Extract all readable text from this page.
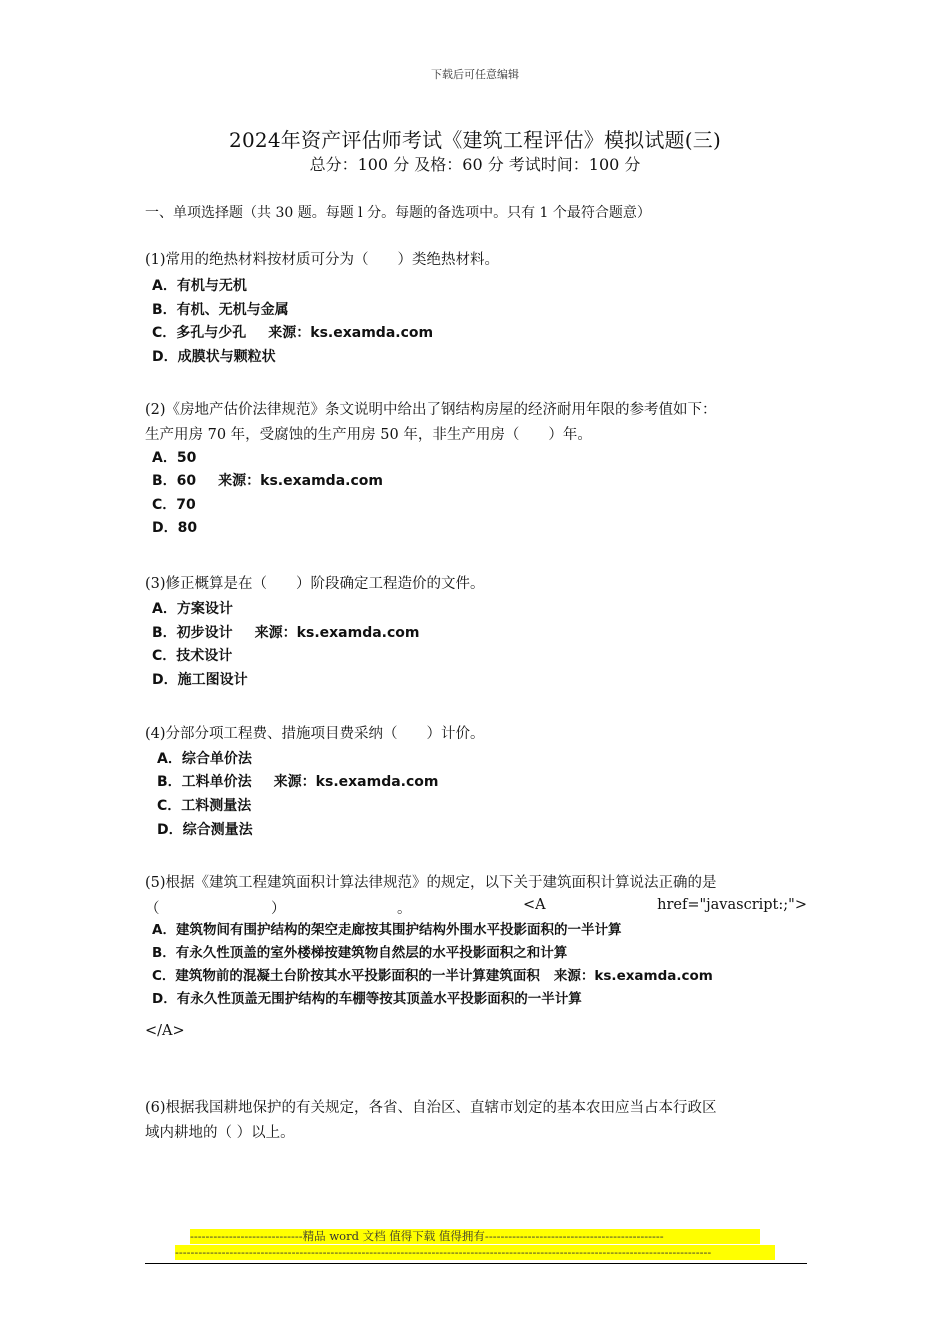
下载后可任意编辑
2024年资产评估师考试《建筑工程评估》模拟试题(三)
总分：100 分 及格：60 分 考试时间：100 分
一、单项选择题（共 30 题。每题 l 分。每题的备选项中。只有 1 个最符合题意）
(1)常用的绝热材料按材质可分为（　　）类绝热材料。
A．有机与无机
B．有机、无机与金属
C．多孔与少孔 来源：ks.examda.com
D．成膜状与颗粒状
(2)《房地产估价法律规范》条文说明中给出了钢结构房屋的经济耐用年限的参考值如下：
生产用房 70 年，受腐蚀的生产用房 50 年，非生产用房（　　）年。
A．50
B．60 来源：ks.examda.com
C．70
D．80
(3)修正概算是在（　　）阶段确定工程造价的文件。
A．方案设计
B．初步设计 来源：ks.examda.com
C．技术设计
D．施工图设计
(4)分部分项工程费、措施项目费采纳（　　）计价。
A．综合单价法
B．工料单价法 来源：ks.examda.com
C．工料测量法
D．综合测量法
(5)根据《建筑工程建筑面积计算法律规范》的规定，以下关于建筑面积计算说法正确的是
（	）	。	<A	href="javascript:;">
A．建筑物间有围护结构的架空走廊按其围护结构外围水平投影面积的一半计算
B．有永久性顶盖的室外楼梯按建筑物自然层的水平投影面积之和计算
C．建筑物前的混凝土台阶按其水平投影面积的一半计算建筑面积 来源：ks.examda.com
D．有永久性顶盖无围护结构的车棚等按其顶盖水平投影面积的一半计算
</A>
(6)根据我国耕地保护的有关规定，各省、自治区、直辖市划定的基本农田应当占本行政区
域内耕地的（ ）以上。
-----------------------------精品 word 文档 值得下载 值得拥有----------------------------------------------
------------------------------------------------------------------------------------------------------------------------------------------
